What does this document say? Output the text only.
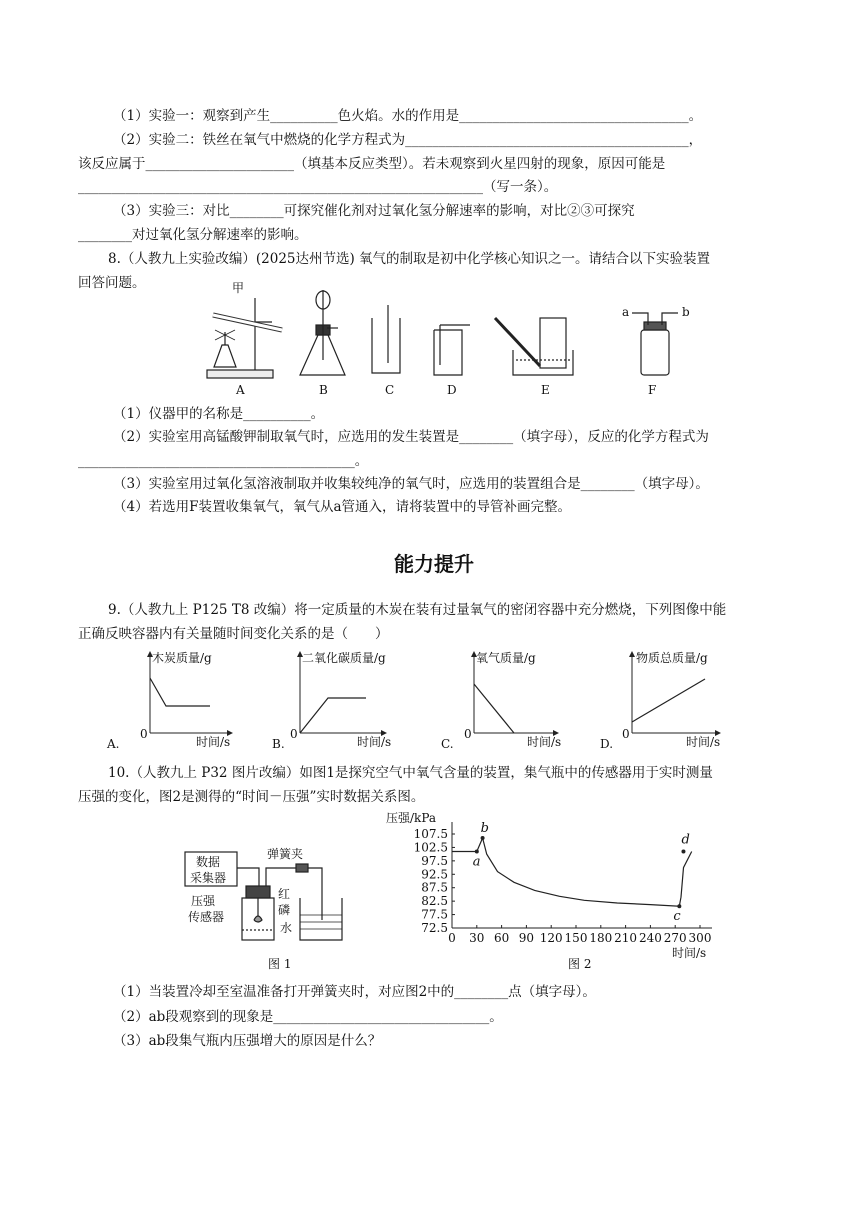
（1）实验一：观察到产生__________色火焰。水的作用是__________________________________。
（2）实验二：铁丝在氧气中燃烧的化学方程式为__________________________________________，
该反应属于______________________（填基本反应类型）。若未观察到火星四射的现象，原因可能是
____________________________________________________________（写一条）。
（3）实验三：对比________可探究催化剂对过氧化氢分解速率的影响，对比②③可探究
________对过氧化氢分解速率的影响。
8.（人教九上实验改编）(2025达州节选) 氧气的制取是初中化学核心知识之一。请结合以下实验装置
回答问题。	甲
a	b
A	B	C	D	E	F
（1）仪器甲的名称是__________。
（2）实验室用高锰酸钾制取氧气时，应选用的发生装置是________（填字母），反应的化学方程式为
_________________________________________。
（3）实验室用过氧化氢溶液制取并收集较纯净的氧气时，应选用的装置组合是________（填字母）。
（4）若选用F装置收集氧气，氧气从a管通入，请将装置中的导管补画完整。
能力提升
9.（人教九上 P125 T8 改编）将一定质量的木炭在装有过量氧气的密闭容器中充分燃烧，下列图像中能
正确反映容器内有关量随时间变化关系的是（　　）
木炭质量/g
0
时间/s
A.
二氧化碳质量/g
0
时间/s
B.
氧气质量/g
0
时间/s
C.
物质总质量/g
0
时间/s
D.
10.（人教九上 P32 图片改编）如图1是探究空气中氧气含量的装置，集气瓶中的传感器用于实时测量
压强的变化，图2是测得的“时间－压强”实时数据关系图。
数据
采集器
弹簧夹
压强
传感器
红
磷
水
图 1
0 30 60 90 120 150 180 210 240 270 300
72.5
77.5
82.5
87.5
92.5
97.5
102.5
107.5
a
b
c
d
压强/kPa
时间/s
图 2
（1）当装置冷却至室温准备打开弹簧夹时，对应图2中的________点（填字母）。
（2）ab段观察到的现象是________________________________。
（3）ab段集气瓶内压强增大的原因是什么？
